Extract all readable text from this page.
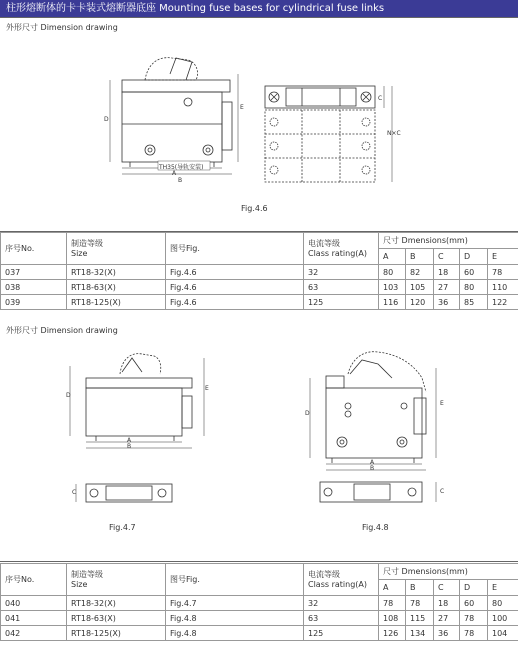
柱形熔断体的卡卡装式熔断器底座 Mounting fuse bases for cylindrical fuse links
外形尺寸 Dimension drawing
D
E
TH35(导轨安装)
A
B
C
N×C
Fig.4.6
序号No.	制造等级
Size	图号Fig.	电流等级
Class rating(A)	尺寸 Dmensions(mm)				
				A	B	C	D	E
037	RT18-32(X)	Fig.4.6	32	80	82	18	60	78
038	RT18-63(X)	Fig.4.6	63	103	105	27	80	110
039	RT18-125(X)	Fig.4.6	125	116	120	36	85	122
外形尺寸 Dimension drawing
D
E
A
B
C
Fig.4.7
D
E
A
B
C
Fig.4.8
序号No.	制造等级
Size	图号Fig.	电流等级
Class rating(A)	尺寸 Dmensions(mm)				
				A	B	C	D	E
040	RT18-32(X)	Fig.4.7	32	78	78	18	60	80
041	RT18-63(X)	Fig.4.8	63	108	115	27	78	100
042	RT18-125(X)	Fig.4.8	125	126	134	36	78	104
